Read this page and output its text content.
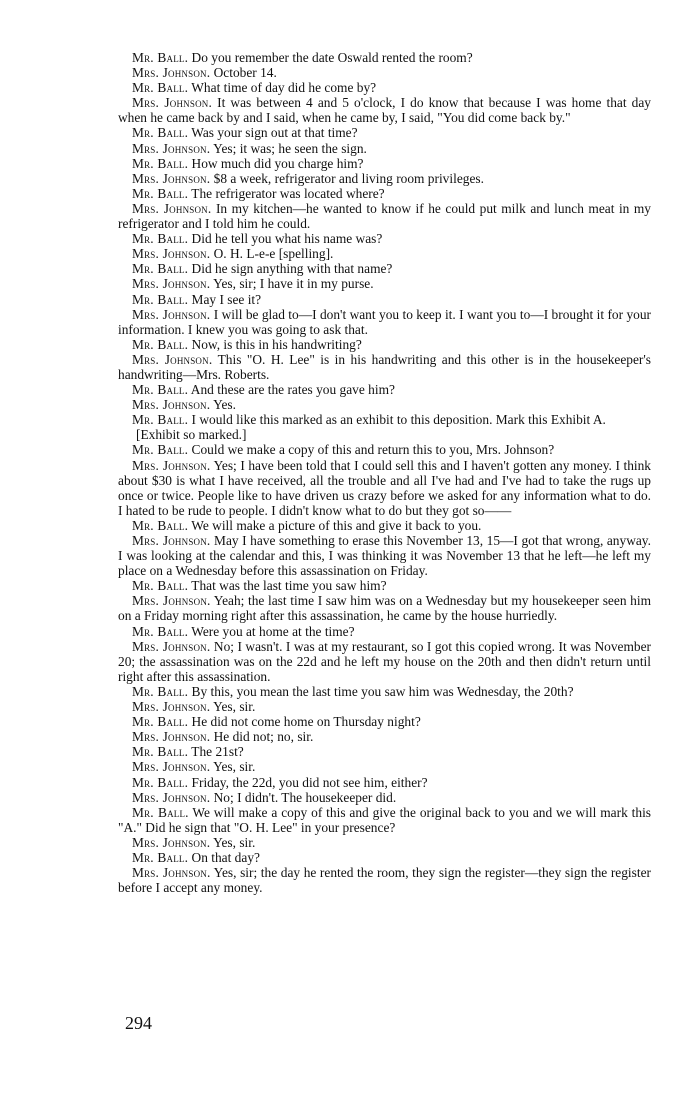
Mr. Ball. Do you remember the date Oswald rented the room?

Mrs. Johnson. October 14.

Mr. Ball. What time of day did he come by?

Mrs. Johnson. It was between 4 and 5 o'clock, I do know that because I was home that day when he came back by and I said, when he came by, I said, "You did come back by."

Mr. Ball. Was your sign out at that time?

Mrs. Johnson. Yes; it was; he seen the sign.

Mr. Ball. How much did you charge him?

Mrs. Johnson. $8 a week, refrigerator and living room privileges.

Mr. Ball. The refrigerator was located where?

Mrs. Johnson. In my kitchen—he wanted to know if he could put milk and lunch meat in my refrigerator and I told him he could.

Mr. Ball. Did he tell you what his name was?

Mrs. Johnson. O. H. L-e-e [spelling].

Mr. Ball. Did he sign anything with that name?

Mrs. Johnson. Yes, sir; I have it in my purse.

Mr. Ball. May I see it?

Mrs. Johnson. I will be glad to—I don't want you to keep it. I want you to—I brought it for your information. I knew you was going to ask that.

Mr. Ball. Now, is this in his handwriting?

Mrs. Johnson. This "O. H. Lee" is in his handwriting and this other is in the housekeeper's handwriting—Mrs. Roberts.

Mr. Ball. And these are the rates you gave him?

Mrs. Johnson. Yes.

Mr. Ball. I would like this marked as an exhibit to this deposition. Mark this Exhibit A.

[Exhibit so marked.]

Mr. Ball. Could we make a copy of this and return this to you, Mrs. Johnson?

Mrs. Johnson. Yes; I have been told that I could sell this and I haven't gotten any money. I think about $30 is what I have received, all the trouble and all I've had and I've had to take the rugs up once or twice. People like to have driven us crazy before we asked for any information what to do. I hated to be rude to people. I didn't know what to do but they got so——

Mr. Ball. We will make a picture of this and give it back to you.

Mrs. Johnson. May I have something to erase this November 13, 15—I got that wrong, anyway. I was looking at the calendar and this, I was thinking it was November 13 that he left—he left my place on a Wednesday before this assassination on Friday.

Mr. Ball. That was the last time you saw him?

Mrs. Johnson. Yeah; the last time I saw him was on a Wednesday but my housekeeper seen him on a Friday morning right after this assassination, he came by the house hurriedly.

Mr. Ball. Were you at home at the time?

Mrs. Johnson. No; I wasn't. I was at my restaurant, so I got this copied wrong. It was November 20; the assassination was on the 22d and he left my house on the 20th and then didn't return until right after this assassination.

Mr. Ball. By this, you mean the last time you saw him was Wednesday, the 20th?

Mrs. Johnson. Yes, sir.

Mr. Ball. He did not come home on Thursday night?

Mrs. Johnson. He did not; no, sir.

Mr. Ball. The 21st?

Mrs. Johnson. Yes, sir.

Mr. Ball. Friday, the 22d, you did not see him, either?

Mrs. Johnson. No; I didn't. The housekeeper did.

Mr. Ball. We will make a copy of this and give the original back to you and we will mark this "A." Did he sign that "O. H. Lee" in your presence?

Mrs. Johnson. Yes, sir.

Mr. Ball. On that day?

Mrs. Johnson. Yes, sir; the day he rented the room, they sign the register—they sign the register before I accept any money.

294
